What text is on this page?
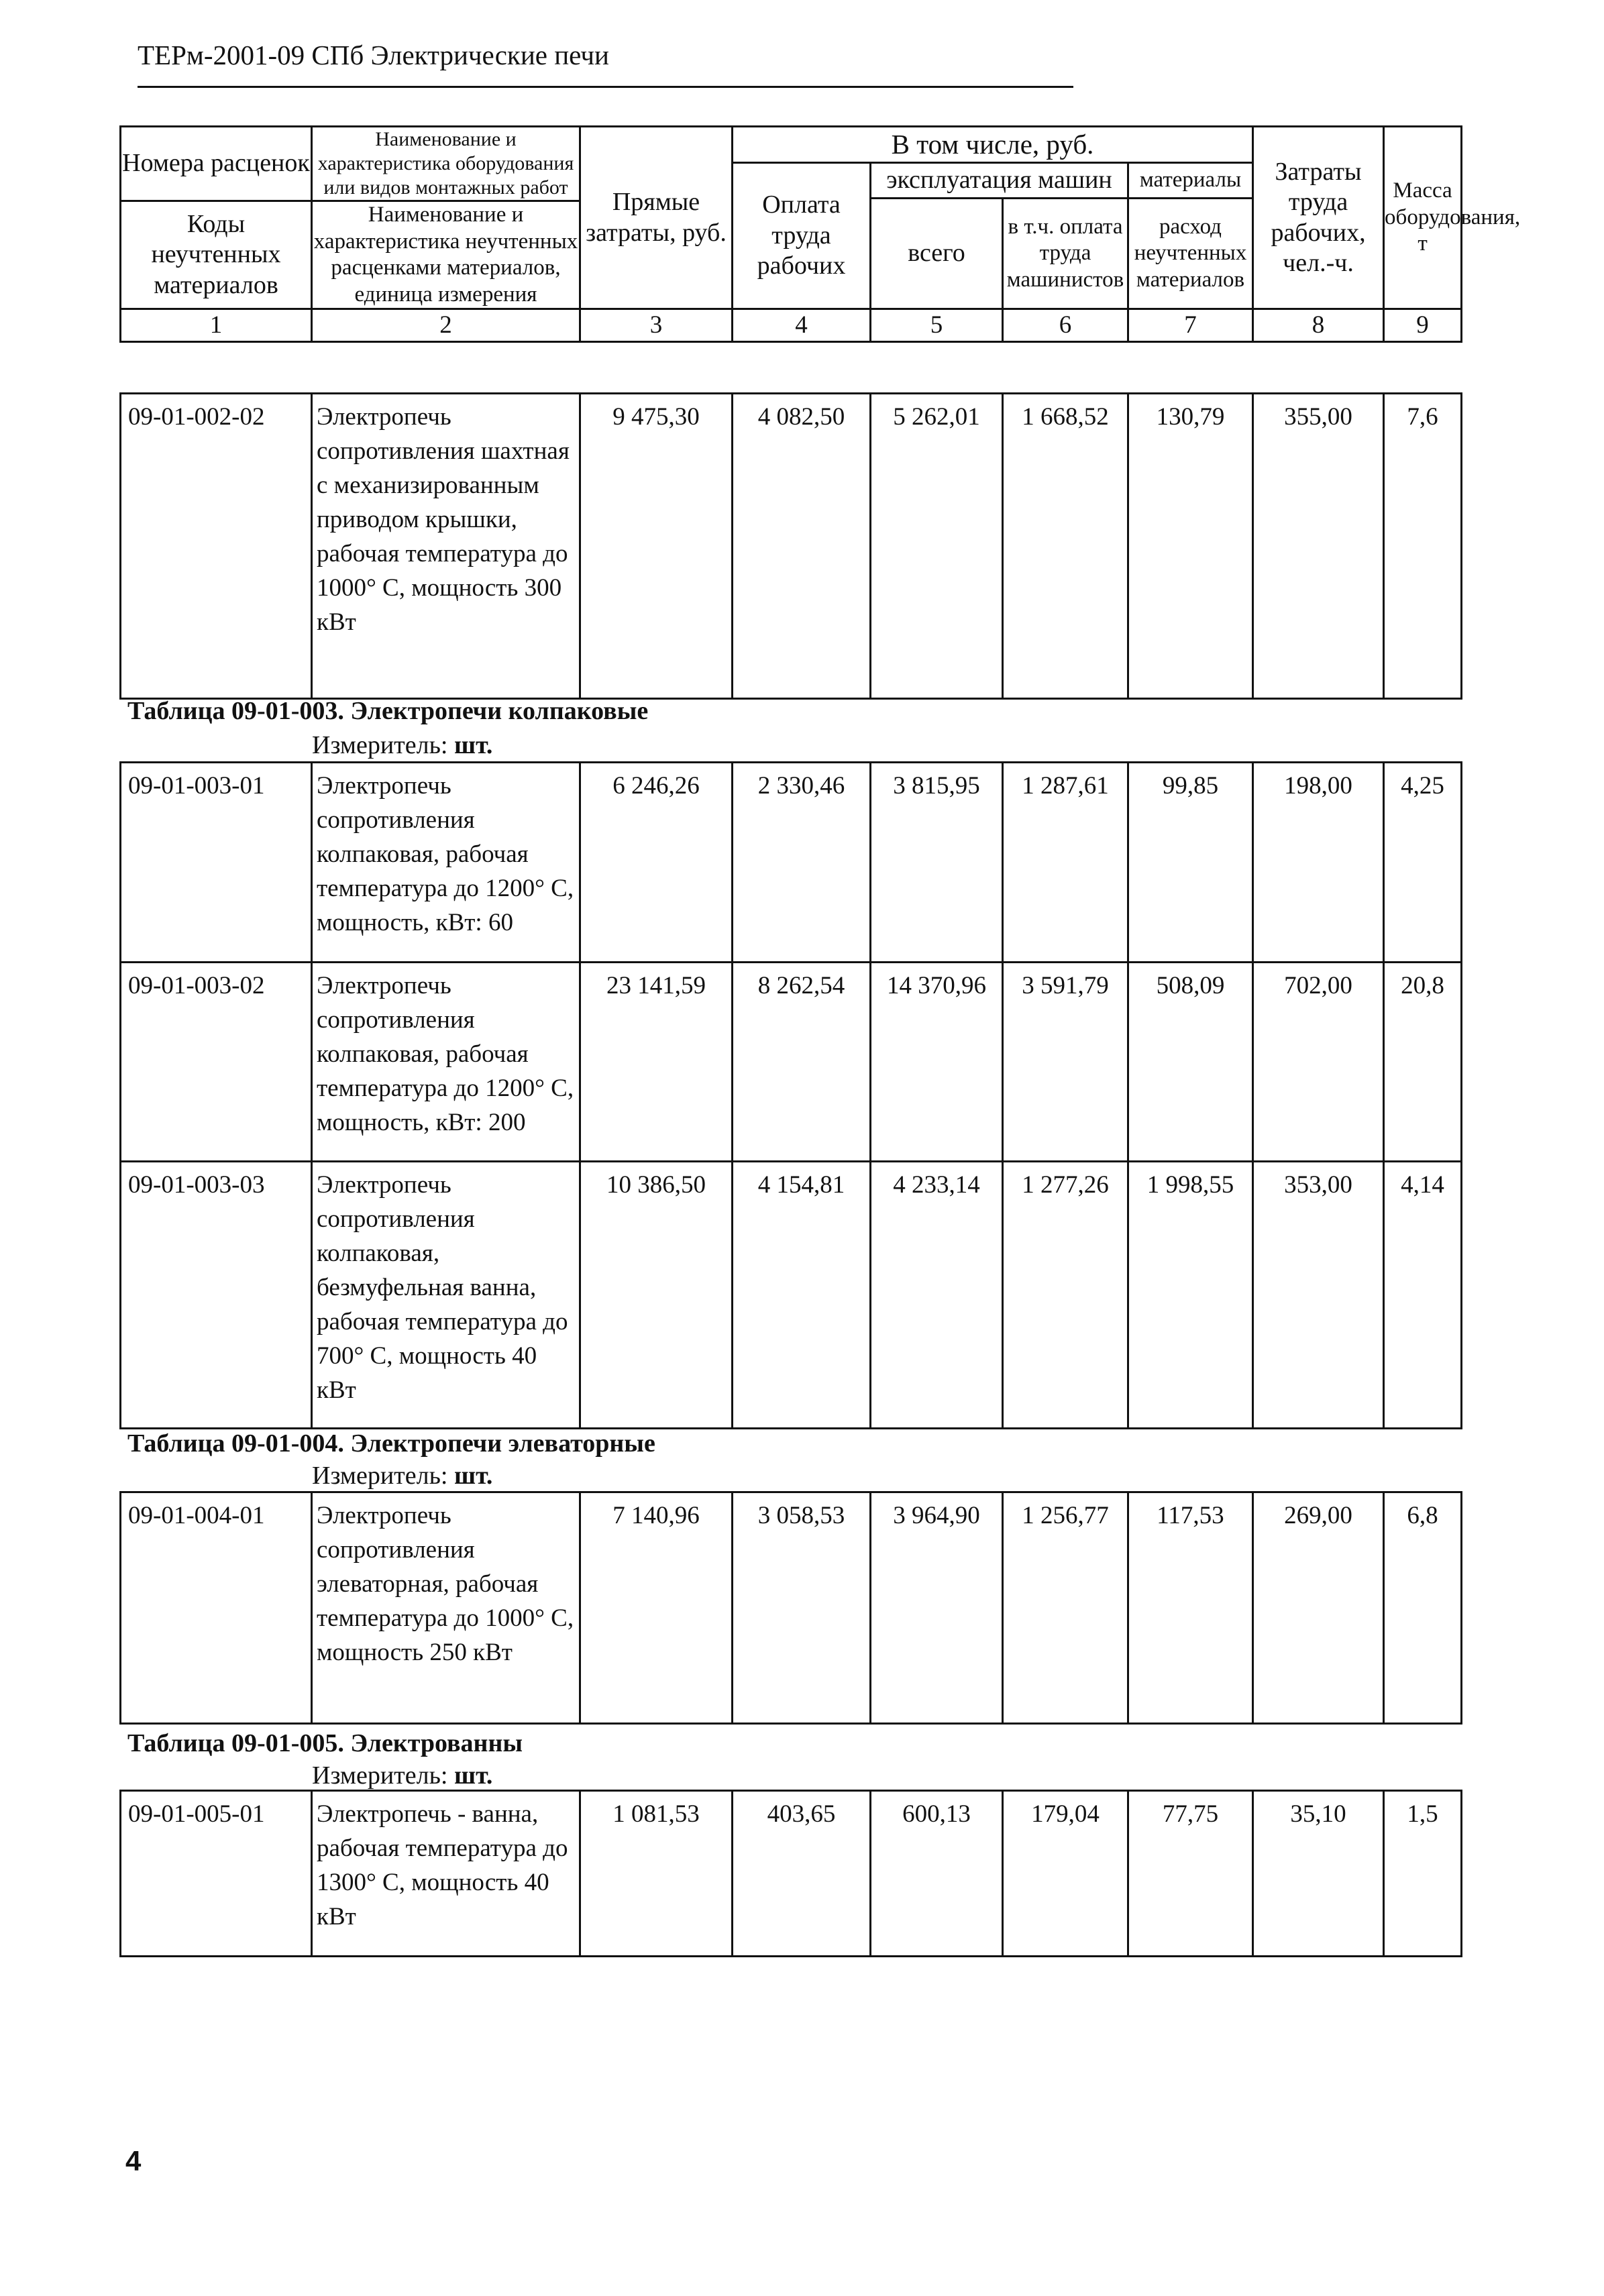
ТЕРм-2001-09 СПб Электрические печи
Номера расценок	Наименование и характеристика оборудования или видов монтажных работ	Прямые затраты, руб.	В том числе, руб.				Затраты труда рабочих, чел.-ч.	Масса оборудования, т
			Оплата труда рабочих	эксплуатация машин		материалы		
				всего	в т.ч. оплата труда машинистов	расход неучтенных материалов		
Коды неучтенных материалов	Наименование и характеристика неучтенных расценками материалов, единица измерения							

1	2	3	4	5	6	7	8	9
09-01-002-02	Электропечь сопротивления шахтная с механизированным приводом крышки, рабочая температура до 1000° С, мощность 300 кВт	9 475,30	4 082,50	5 262,01	1 668,52	130,79	355,00	7,6
Таблица 09-01-003. Электропечи колпаковые
Измеритель: шт.
09-01-003-01	Электропечь сопротивления колпаковая, рабочая температура до 1200° С, мощность, кВт: 60	6 246,26	2 330,46	3 815,95	1 287,61	99,85	198,00	4,25
09-01-003-02	Электропечь сопротивления колпаковая, рабочая температура до 1200° С, мощность, кВт: 200	23 141,59	8 262,54	14 370,96	3 591,79	508,09	702,00	20,8
09-01-003-03	Электропечь сопротивления колпаковая, безмуфельная ванна, рабочая температура до 700° С, мощность 40 кВт	10 386,50	4 154,81	4 233,14	1 277,26	1 998,55	353,00	4,14
Таблица 09-01-004. Электропечи элеваторные
Измеритель: шт.
09-01-004-01	Электропечь сопротивления элеваторная, рабочая температура до 1000° С, мощность 250 кВт	7 140,96	3 058,53	3 964,90	1 256,77	117,53	269,00	6,8
Таблица 09-01-005. Электрованны
Измеритель: шт.
09-01-005-01	Электропечь - ванна, рабочая температура до 1300° С, мощность 40 кВт	1 081,53	403,65	600,13	179,04	77,75	35,10	1,5
4
